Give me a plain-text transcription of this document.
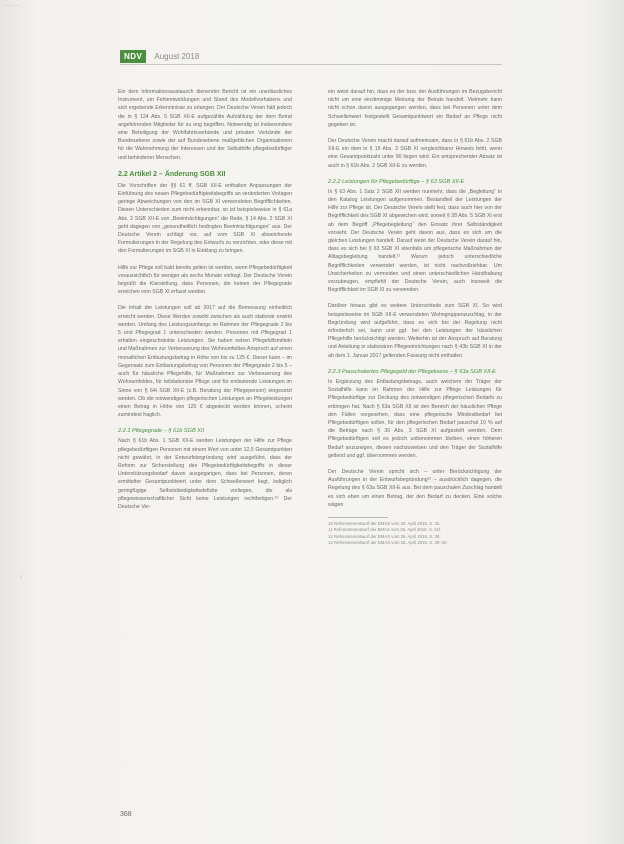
————
NDV	August 2018

Ein dem Informationsaustausch dienender Bericht ist ein unerlässliches Instrument, um Fehlentwicklungen und Stand des Modellvorhabens und sich ergebende Erkenntnisse zu erlangen. Der Deutsche Verein hält jedoch die in § 124 Abs. 5 SGB XII-E aufgezählte Aufzählung der dem Beirat angehörenden Mitglieder für zu eng begriffen. Notwendig ist insbesondere eine Beteiligung der Wohlfahrtsverbände und privaten Verbände der Bundesebene sowie der auf Bundesebene maßgeblichen Organisationen für die Wahrnehmung der Interessen und der Selbsthilfe pflegebedürftiger und behinderter Menschen.

2.2 Artikel 2 – Änderung SGB XII

Die Vorschriften der §§ 61 ff. SGB XII-E enthalten Anpassungen der Einführung des neuen Pflegebedürftigkeitsbegriffs an veränderten Vorlagen geringe Abweichungen von den im SGB XI verwendeten Begrifflichkeiten. Diesen Unterschieden zum nicht erkennbar, so ist beispielsweise in § 61a Abs. 2 SGB XII-E von „Beeinträchtigungen“ die Rede, § 14 Abs. 2 SGB XI geht dagegen von „gesundheitlich bedingten Beeinträchtigungen“ aus. Der Deutsche Verein schlägt vor, auf vom SGB XI abweichende Formulierungen in der Regelung des Entwurfs zu verzichten, oder diese mit den Formulierungen im SGB XI in Einklang zu bringen.

Hilfe zur Pflege soll bald bereits gelten ist werden, wenn Pflegebedürftigkeit voraussichtlich für weniger als sechs Monate vorliegt. Der Deutsche Verein begrüßt die Klarstellung, dass Personen, die keinen der Pflegegrade erreichen vom SGB XI erfasst werden.

Die Inhalt der Leistungen soll ab 2017 auf die Bemessung einheitlich erreicht werden. Diese Werden sowohl zwischen als auch stationär erwirkt werden. Umfang des Leistungsumfangs im Rahmen der Pflegegrade 2 bis 5 und Pflegegrad 1 unterschieden werden. Personen mit Pflegegrad 1 erhalten eingeschränkte Leistungen. Sie haben neben Pflegehilfsmitteln und Maßnahmen zur Verbesserung des Wohnumfeldes Anspruch auf einen monatlichen Entlastungsbetrag in Höhe von bis zu 125 €. Dieser kann – im Gegensatz zum Entlastungsbetrag von Personen der Pflegegrade 2 bis 5 – auch für häusliche Pflegehilfe, für Maßnahmen zur Verbesserung des Wohnumfeldes, für teilstationäre Pflege und für entlastende Leistungen im Sinne von § 64i SGB XII-E (z.B. Beratung der Pflegeperson) eingesetzt werden. Ob die notwendigen pflegerischen Leistungen an Pflegeleistungen einen Betrag in Höhe von 125 € abgedeckt werden können, scheint zumindest fraglich.

2.2.1 Pflegegrade – § 61b SGB XII

Nach § 61b Abs. 1 SGB XII-E werden Leistungen der Hilfe zur Pflege pflegebedürftigen Personen mit einem Wert von unter 12,5 Gesamtpunkten nicht gewährt, in der Entwurfsbegründung wird ausgeführt, dass der Reform zur Sicherstellung des Pflegebedürftigkeitsbegriffs in dieser Unterstützungsbedarf davon ausgegangen, dass bei Personen, deren ermittelter Gesamtpunktwert unter dem Schwellenwert liegt, lediglich geringfügige Selbstständigkeitsdefizite vorliegen, die als pflegewissenschaftlicher Sicht keine Leistungen rechtfertigen.¹⁰ Der Deutsche Ver-

ein weist darauf hin, dass es der bzw. der Ausführungen im Bezugsbericht nicht um eine einstimmige Meinung der Beirats handelt. Vielmehr kann nicht schon davon ausgegangen werden, dass bei Personen unter dem Schwellenwert festgestellt Gesamtpunktwert ein Bedarf an Pflege nicht gegeben ist.

Der Deutsche Verein macht darauf aufmerksam, dass in § 61b Abs. 2 SGB XII-E ein dem in § 15 Abs. 3 SGB XI vergleichbarer Hinweis fehlt, wenn eine Gesamtpunktzahl unter 90 liegen wird. Ein entsprechender Absatz ist auch in § 61b Abs. 2 SGB XII-E zu werden.

2.2.2 Leistungen für Pflegebedürftige – § 63 SGB XII-E

In § 63 Abs. 1 Satz 2 SGB XII werden nunmehr, dass die „Begleitung“ in den Katalog Leistungen aufgenommen. Bestandteil der Leistungen der Hilfe zur Pflege ist. Der Deutsche Verein stellt fest, dass auch hier von der Begrifflichkeit des SGB XI abgewichen wird, soweit § 28 Abs. 5 SGB XI erst ab dem Begriff „Pflegebegleitung“ den Einsatz ihrer Selbständigkeit vorsieht. Der Deutsche Verein geht davon aus, dass es sich um die gleichen Leistungen handelt. Darauf weist der Deutsche Verein darauf hin, dass es sich bei § 63 SGB XI ebenfalls um pflegerische Maßnahmen der Alltagsbegleitung handelt.¹¹ Warum jedoch unterschiedliche Begrifflichkeiten verwendet werden, ist nicht nachvollziehbar. Um Unsicherheiten zu vermeiden und einen unterschiedlichen Handhabung vorzubeugen, empfiehlt der Deutsche Verein, auch insoweit die Begrifflichkeit im SGB XI zu verwenden.

Darüber hinaus gibt es weitere Unterschiede zum SGB XI. So wird beispielsweise im SGB XII-E verwendeten Wohngruppenzuschlag, in der Begründung wird aufgeführt, dass es sich bei der Regelung nicht erforderlich sei, kann und ggf. bei den Leistungen der häuslichen Pflegehilfe berücksichtigt werden. Weiterhin ist der Anspruch auf Beratung und Anleitung in stationären Pflegeeinrichtungen nach § 43b SGB XI in der ab dem 1. Januar 2017 geltenden Fassung nicht enthalten.

2.2.3 Pauschaliertes Pflegegeld der Pflegekasse – § 63a SGB XII-E

In Ergänzung des Entlastungsbetrags, auch welchem der Träger der Sozialhilfe kann im Rahmen der Hilfe zur Pflege Leistungen für Pflegebedürftige zur Deckung des notwendigen pflegerischen Bedarfs zu erbringen hat. Nach § 63a SGB XII ist den Bereich der häuslichen Pflege den Fällen vorgesehen, dass eine pflegerische Mindestbedarf bei Pflegebedürftigen sollen, für den pflegerischen Bedarf pauschal 10 % auf die Beträge nach § 36 Abs. 3 SGB XI aufgestellt werden. Dem Pflegebedürftigen soll es jedoch unbenommen bleiben, einen höheren Bedarf anzuzeigen, diesen nachzuweisen und den Träger der Sozialhilfe geltend und ggf. übernommen werden.

Der Deutsche Verein spricht sich – unter Berücksichtigung der Ausführungen in der Entwurfsbegründung¹² – ausdrücklich dagegen, die Regelung des § 63a SGB XII-E aus. Bei dem pauschalen Zuschlag handelt es sich eben um einen Betrag, der den Bedarf zu decken. Eine solche wägen

10 Referentenentwurf der BMAS vom 26. April 2016, S. 32.
11 Referentenentwurf der BMAS vom 26. April 2016, S. 21f.
12 Referentenentwurf der BMAS vom 26. April 2016, S. 39.
13 Referentenentwurf der BMAS vom 26. April 2016, S. 39–40.
368
³
·
